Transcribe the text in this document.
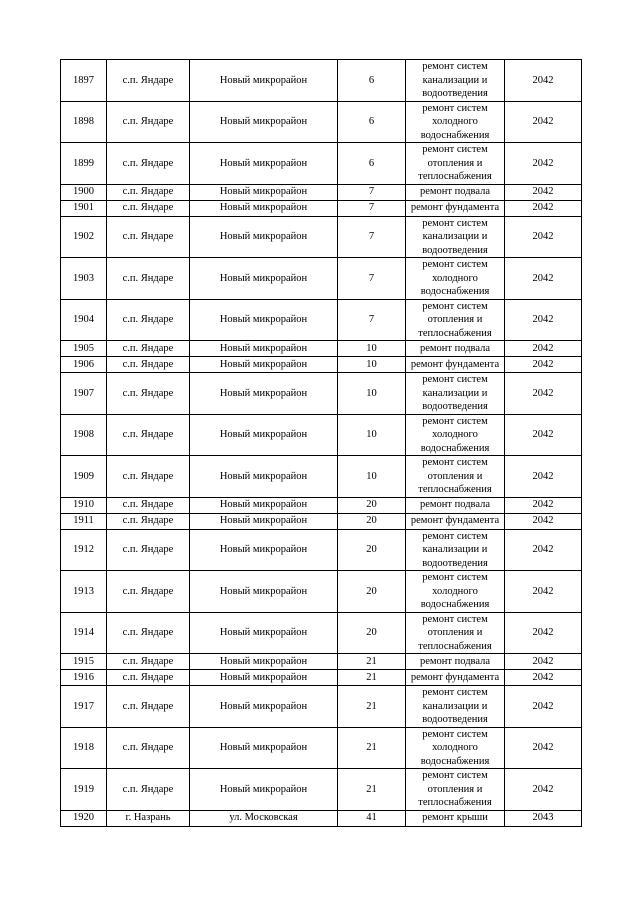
1897	с.п. Яндаре	Новый микрорайон	6	ремонт систем канализации и водоотведения	2042
1898	с.п. Яндаре	Новый микрорайон	6	ремонт систем холодного водоснабжения	2042
1899	с.п. Яндаре	Новый микрорайон	6	ремонт систем отопления и теплоснабжения	2042
1900	с.п. Яндаре	Новый микрорайон	7	ремонт подвала	2042
1901	с.п. Яндаре	Новый микрорайон	7	ремонт фундамента	2042
1902	с.п. Яндаре	Новый микрорайон	7	ремонт систем канализации и водоотведения	2042
1903	с.п. Яндаре	Новый микрорайон	7	ремонт систем холодного водоснабжения	2042
1904	с.п. Яндаре	Новый микрорайон	7	ремонт систем отопления и теплоснабжения	2042
1905	с.п. Яндаре	Новый микрорайон	10	ремонт подвала	2042
1906	с.п. Яндаре	Новый микрорайон	10	ремонт фундамента	2042
1907	с.п. Яндаре	Новый микрорайон	10	ремонт систем канализации и водоотведения	2042
1908	с.п. Яндаре	Новый микрорайон	10	ремонт систем холодного водоснабжения	2042
1909	с.п. Яндаре	Новый микрорайон	10	ремонт систем отопления и теплоснабжения	2042
1910	с.п. Яндаре	Новый микрорайон	20	ремонт подвала	2042
1911	с.п. Яндаре	Новый микрорайон	20	ремонт фундамента	2042
1912	с.п. Яндаре	Новый микрорайон	20	ремонт систем канализации и водоотведения	2042
1913	с.п. Яндаре	Новый микрорайон	20	ремонт систем холодного водоснабжения	2042
1914	с.п. Яндаре	Новый микрорайон	20	ремонт систем отопления и теплоснабжения	2042
1915	с.п. Яндаре	Новый микрорайон	21	ремонт подвала	2042
1916	с.п. Яндаре	Новый микрорайон	21	ремонт фундамента	2042
1917	с.п. Яндаре	Новый микрорайон	21	ремонт систем канализации и водоотведения	2042
1918	с.п. Яндаре	Новый микрорайон	21	ремонт систем холодного водоснабжения	2042
1919	с.п. Яндаре	Новый микрорайон	21	ремонт систем отопления и теплоснабжения	2042
1920	г. Назрань	ул. Московская	41	ремонт крыши	2043
